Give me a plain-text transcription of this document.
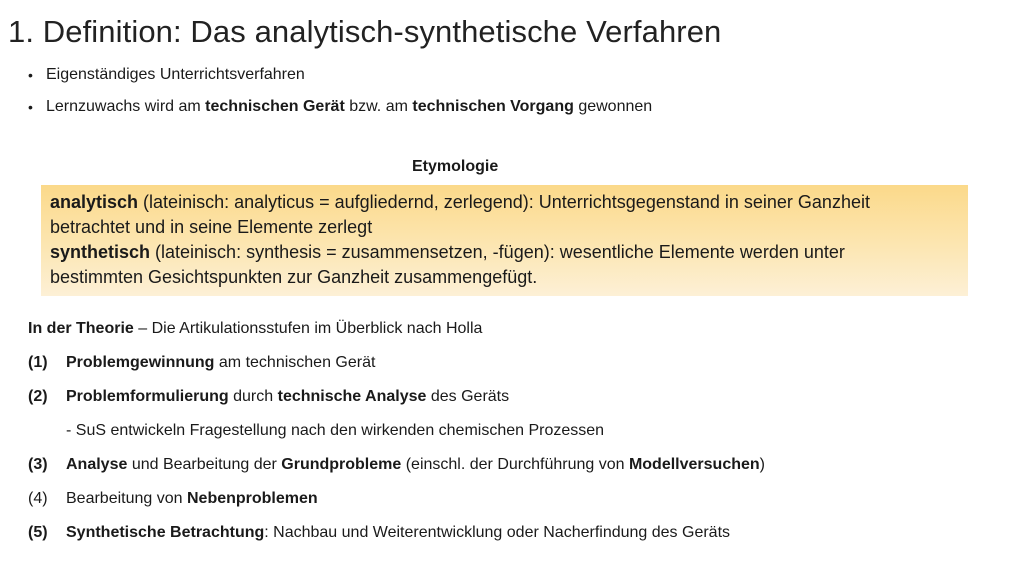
1. Definition: Das analytisch-synthetische Verfahren
• Eigenständiges Unterrichtsverfahren
• Lernzuwachs wird am technischen Gerät bzw. am technischen Vorgang gewonnen
Etymologie
analytisch (lateinisch: analyticus = aufgliedernd, zerlegend): Unterrichtsgegenstand in seiner Ganzheit
betrachtet und in seine Elemente zerlegt
synthetisch (lateinisch: synthesis = zusammensetzen, -fügen): wesentliche Elemente werden unter
bestimmten Gesichtspunkten zur Ganzheit zusammengefügt.
In der Theorie – Die Artikulationsstufen im Überblick nach Holla
(1) Problemgewinnung am technischen Gerät
(2) Problemformulierung durch technische Analyse des Geräts
- SuS entwickeln Fragestellung nach den wirkenden chemischen Prozessen
(3) Analyse und Bearbeitung der Grundprobleme (einschl. der Durchführung von Modellversuchen)
(4) Bearbeitung von Nebenproblemen
(5) Synthetische Betrachtung: Nachbau und Weiterentwicklung oder Nacherfindung des Geräts
